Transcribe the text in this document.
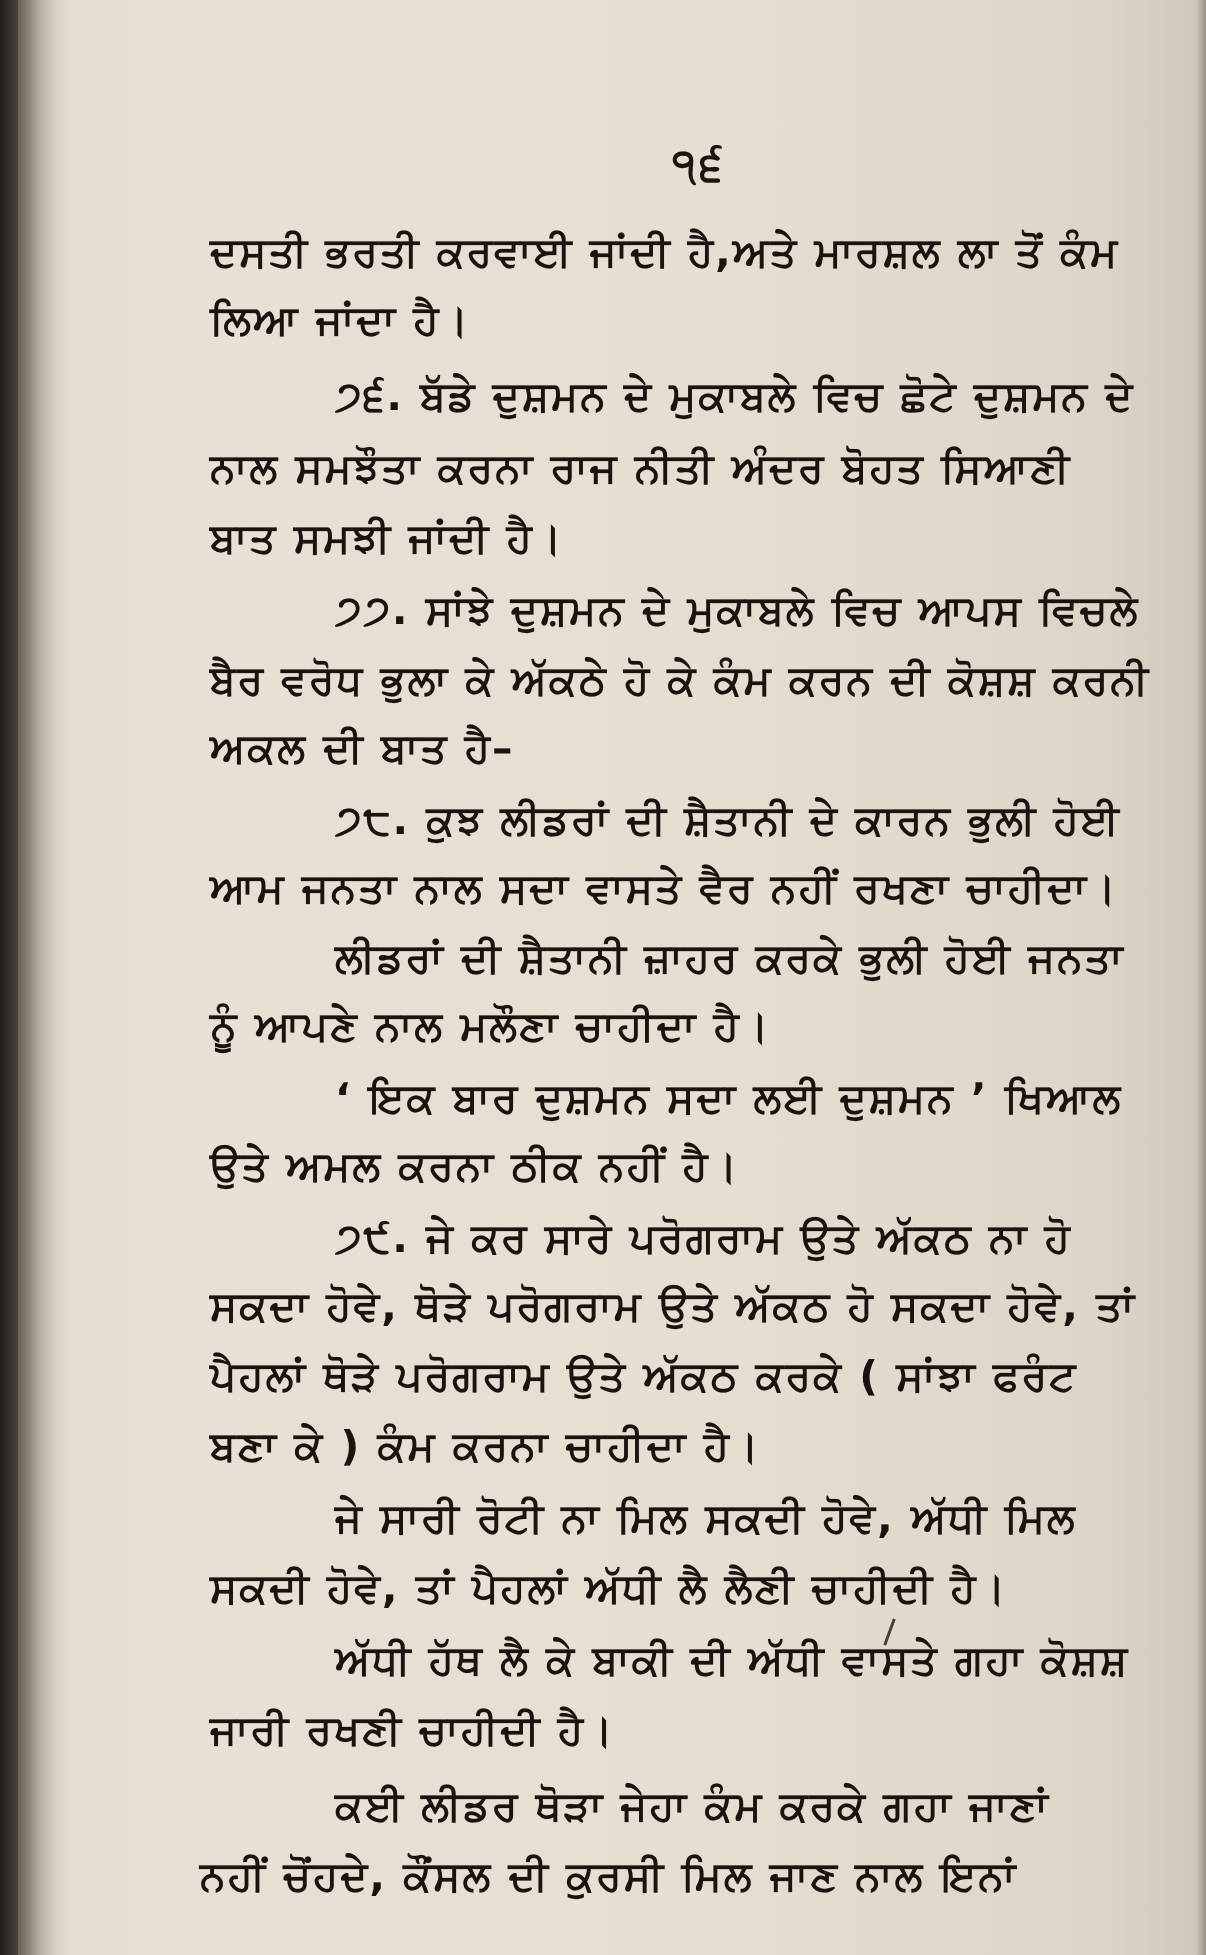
੧੬
ਦਸਤੀ ਭਰਤੀ ਕਰਵਾਈ ਜਾਂਦੀ ਹੈ,ਅਤੇ ਮਾਰਸ਼ਲ ਲਾ ਤੋਂ ਕੰਮ
ਲਿਆ ਜਾਂਦਾ ਹੈ।
੭੬. ਬੱਡੇ ਦੁਸ਼ਮਨ ਦੇ ਮੁਕਾਬਲੇ ਵਿਚ ਛੋਟੇ ਦੁਸ਼ਮਨ ਦੇ
ਨਾਲ ਸਮਝੌਤਾ ਕਰਨਾ ਰਾਜ ਨੀਤੀ ਅੰਦਰ ਬੋਹਤ ਸਿਆਣੀ
ਬਾਤ ਸਮਝੀ ਜਾਂਦੀ ਹੈ।
੭੭. ਸਾਂਝੇ ਦੁਸ਼ਮਨ ਦੇ ਮੁਕਾਬਲੇ ਵਿਚ ਆਪਸ ਵਿਚਲੇ
ਬੈਰ ਵਰੋਧ ਭੁਲਾ ਕੇ ਅੱਕਠੇ ਹੋ ਕੇ ਕੰਮ ਕਰਨ ਦੀ ਕੋਸ਼ਸ਼ ਕਰਨੀ
ਅਕਲ ਦੀ ਬਾਤ ਹੈ–
੭੮. ਕੁਝ ਲੀਡਰਾਂ ਦੀ ਸ਼ੈਤਾਨੀ ਦੇ ਕਾਰਨ ਭੁਲੀ ਹੋਈ
ਆਮ ਜਨਤਾ ਨਾਲ ਸਦਾ ਵਾਸਤੇ ਵੈਰ ਨਹੀਂ ਰਖਣਾ ਚਾਹੀਦਾ।
ਲੀਡਰਾਂ ਦੀ ਸ਼ੈਤਾਨੀ ਜ਼ਾਹਰ ਕਰਕੇ ਭੁਲੀ ਹੋਈ ਜਨਤਾ
ਨੂੰ ਆਪਣੇ ਨਾਲ ਮਲੌਣਾ ਚਾਹੀਦਾ ਹੈ।
‘ ਇਕ ਬਾਰ ਦੁਸ਼ਮਨ ਸਦਾ ਲਈ ਦੁਸ਼ਮਨ ’ ਖਿਆਲ
ਉਤੇ ਅਮਲ ਕਰਨਾ ਠੀਕ ਨਹੀਂ ਹੈ।
੭੯. ਜੇ ਕਰ ਸਾਰੇ ਪਰੋਗਰਾਮ ਉਤੇ ਅੱਕਠ ਨਾ ਹੋ
ਸਕਦਾ ਹੋਵੇ, ਥੋੜੇ ਪਰੋਗਰਾਮ ਉਤੇ ਅੱਕਠ ਹੋ ਸਕਦਾ ਹੋਵੇ, ਤਾਂ
ਪੈਹਲਾਂ ਥੋੜੇ ਪਰੋਗਰਾਮ ਉਤੇ ਅੱਕਠ ਕਰਕੇ ( ਸਾਂਝਾ ਫਰੰਟ
ਬਣਾ ਕੇ ) ਕੰਮ ਕਰਨਾ ਚਾਹੀਦਾ ਹੈ।
ਜੇ ਸਾਰੀ ਰੋਟੀ ਨਾ ਮਿਲ ਸਕਦੀ ਹੋਵੇ, ਅੱਧੀ ਮਿਲ
ਸਕਦੀ ਹੋਵੇ, ਤਾਂ ਪੈਹਲਾਂ ਅੱਧੀ ਲੈ ਲੈਣੀ ਚਾਹੀਦੀ ਹੈ।
ਅੱਧੀ ਹੱਥ ਲੈ ਕੇ ਬਾਕੀ ਦੀ ਅੱਧੀ ਵਾਸਤੇ ਗਹਾ ਕੋਸ਼ਸ਼
ਜਾਰੀ ਰਖਣੀ ਚਾਹੀਦੀ ਹੈ।
ਕਈ ਲੀਡਰ ਥੋੜਾ ਜੇਹਾ ਕੰਮ ਕਰਕੇ ਗਹਾ ਜਾਣਾਂ
ਨਹੀਂ ਚੋਂਹਦੇ, ਕੌਂਸਲ ਦੀ ਕੁਰਸੀ ਮਿਲ ਜਾਣ ਨਾਲ ਇਨਾਂ
